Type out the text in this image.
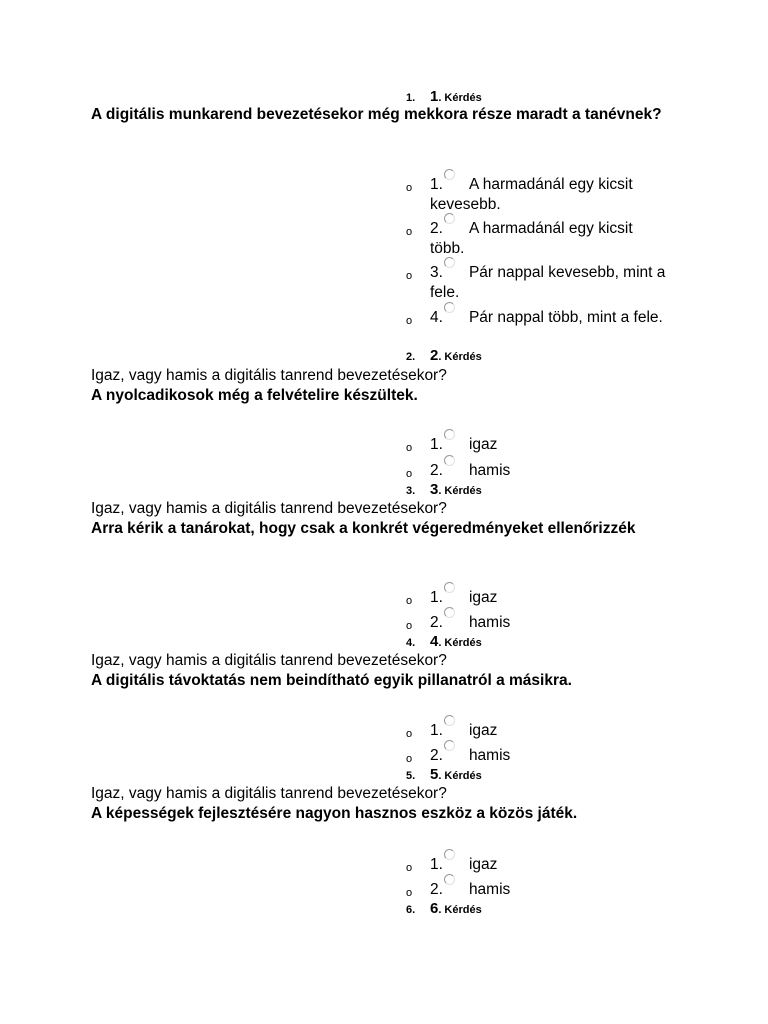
1. 1 . Kérdés
A digitális munkarend bevezetésekor még mekkora része maradt a tanévnek?
o 1. A harmadánál egy kicsit kevesebb.
o 2. A harmadánál egy kicsit több.
o 3. Pár nappal kevesebb, mint a fele.
o 4. Pár nappal több, mint a fele.
2. 2 . Kérdés
Igaz, vagy hamis a digitális tanrend bevezetésekor?
A nyolcadikosok még a felvételire készültek.
o 1. igaz
o 2. hamis
3. 3 . Kérdés
Igaz, vagy hamis a digitális tanrend bevezetésekor?
Arra kérik a tanárokat, hogy csak a konkrét végeredményeket ellenőrizzék
o 1. igaz
o 2. hamis
4. 4 . Kérdés
Igaz, vagy hamis a digitális tanrend bevezetésekor?
A digitális távoktatás nem beindítható egyik pillanatról a másikra.
o 1. igaz
o 2. hamis
5. 5 . Kérdés
Igaz, vagy hamis a digitális tanrend bevezetésekor?
A képességek fejlesztésére nagyon hasznos eszköz a közös játék.
o 1. igaz
o 2. hamis
6. 6 . Kérdés
